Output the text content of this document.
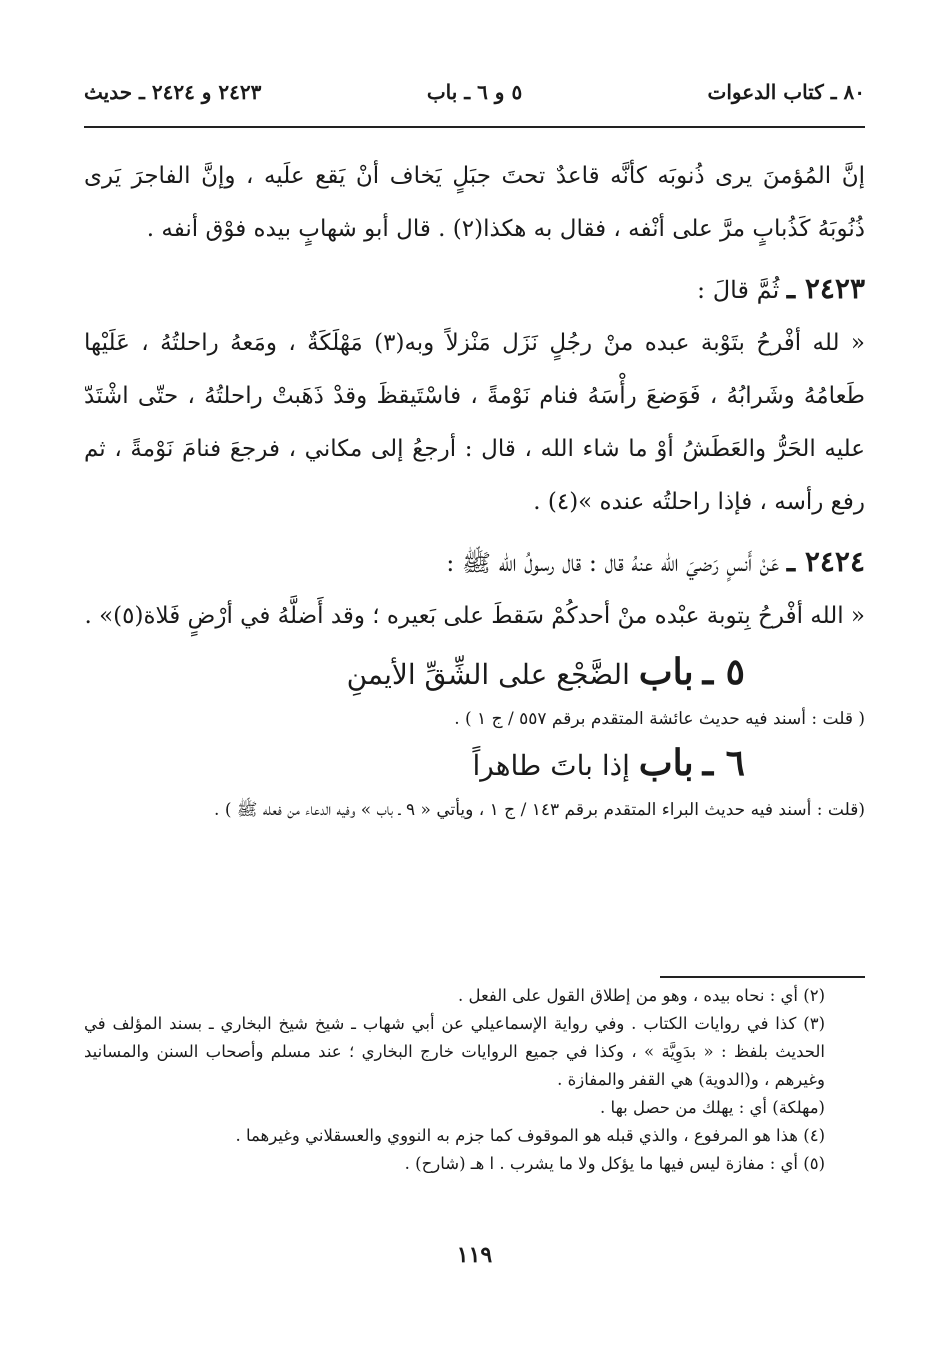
٨٠ ـ كتاب الدعوات
٥ و ٦ ـ باب
٢٤٢٣ و ٢٤٢٤ ـ حديث

إنَّ المُؤمنَ يرى ذُنوبَه كأنَّه قاعدٌ تحتَ جبَلٍ يَخاف أنْ يَقع علَيه ، وإنَّ الفاجرَ يَرى ذُنُوبَهُ كَذُبابٍ مرَّ على أنْفه ، فقال به هكذا(٢) . قال أبو شهابٍ بيده فوْق أنفه .

٢٤٢٣ ـ ثُمَّ قالَ :

« لله أفْرحُ بتَوْبة عبده منْ رجُلٍ نَزَل مَنْزلاً وبه(٣) مَهْلَكَةٌ ، ومَعهُ راحلتُهُ ، عَلَيْها طَعامُهُ وشَرابُهُ ، فَوَضعَ رأْسَهُ فنام نَوْمةً ، فاسْتَيقظَ وقدْ ذَهَبتْ راحلتُهُ ، حتّى اشْتَدّ عليه الحَرُّ والعَطَشُ أوْ ما شاء الله ، قال : أرجعُ إلى مكاني ، فرجعَ فنامَ نَوْمةً ، ثم رفع رأسه ، فإذا راحلتُه عنده »(٤) .

٢٤٢٤ ـ عَنْ أَنسٍ رَضيَ الله عنهُ قال : قال رسولُ الله ﷺ :

« الله أفْرحُ بِتوبة عبْده منْ أحدكُمْ سَقطَ على بَعيره ؛ وقد أَضلَّهُ في أرْضٍ فَلاة(٥)» .

٥ ـ باب الضَّجْع على الشِّقِّ الأيمنِ

( قلت : أسند فيه حديث عائشة المتقدم برقم ٥٥٧ / ج ١ ) .

٦ ـ باب إذا باتَ طاهراً

(قلت : أسند فيه حديث البراء المتقدم برقم ١٤٣ / ج ١ ، ويأتي « ٩ ـ باب » وفيه الدعاء من فعله ﷺ ) .

(٢) أي : نحاه بيده ، وهو من إطلاق القول على الفعل .

(٣) كذا في روايات الكتاب . وفي رواية الإسماعيلي عن أبي شهاب ـ شيخ شيخ البخاري ـ بسند المؤلف في الحديث بلفظ : « بدَوِيَّة » ، وكذا في جميع الروايات خارج البخاري ؛ عند مسلم وأصحاب السنن والمسانيد وغيرهم ، و(الدوية) هي القفر والمفازة .

(مهلكة) أي : يهلك من حصل بها .

(٤) هذا هو المرفوع ، والذي قبله هو الموقوف كما جزم به النووي والعسقلاني وغيرهما .

(٥) أي : مفازة ليس فيها ما يؤكل ولا ما يشرب . ا هـ (شارح) .

١١٩
